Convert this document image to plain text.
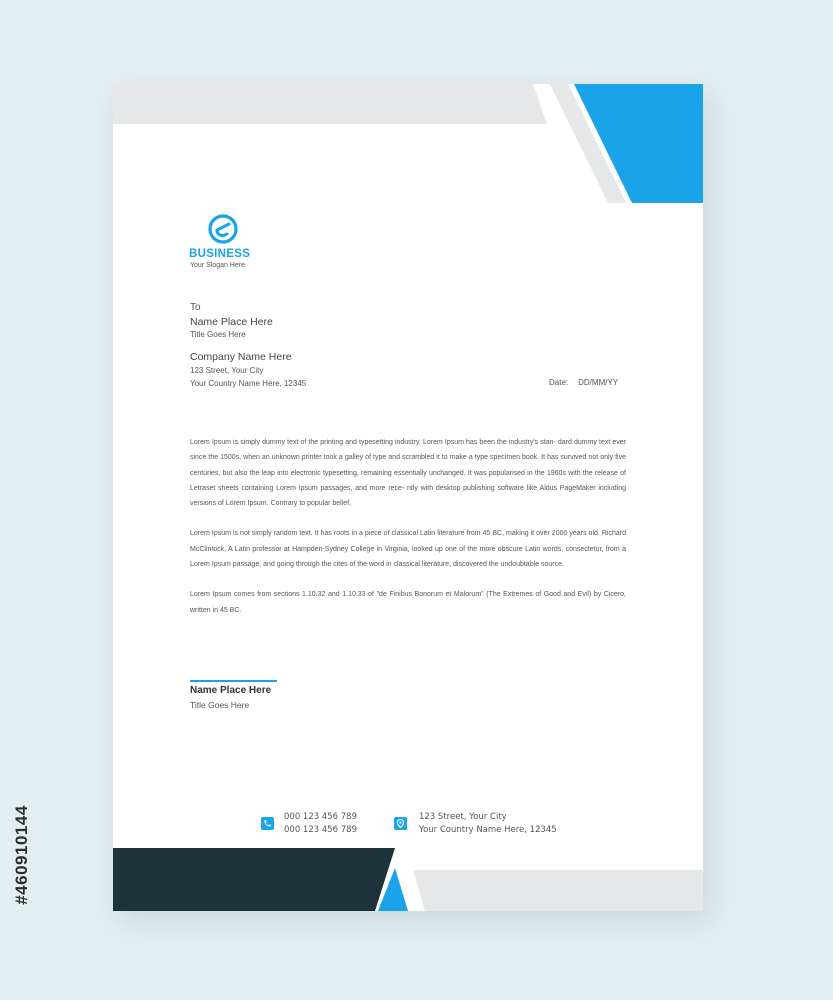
BUSINESS
Your Slogan Here
To
Name Place Here
Title Goes Here
Company Name Here
123 Street, Your City
Your Country Name Here, 12345	Date: DD/MM/YY

Lorem Ipsum is simply dummy text of the printing and typesetting industry. Lorem Ipsum has been the industry's stan- dard dummy text ever since the 1500s, when an unknown printer took a galley of type and scrambled it to make a type specimen book. It has survived not only five centuries, but also the leap into electronic typesetting, remaining essentially unchanged. It was popularised in the 1960s with the release of Letraset sheets containing Lorem Ipsum passages, and more rece- ntly with desktop publishing software like Aldus PageMaker including versions of Lorem Ipsum. Contrary to popular belief,

Lorem Ipsum is not simply random text. It has roots in a piece of classical Latin literature from 45 BC, making it over 2000 years old. Richard McClintock, A Latin professor at Hampden-Sydney College in Virginia, looked up one of the more obscure Latin words, consectetur, from a Lorem Ipsum passage, and going through the cites of the word in classical literature, discovered the undoubtable source.

Lorem Ipsum comes from sections 1.10.32 and 1.10.33 of "de Finibus Bonorum et Malorum" (The Extremes of Good and Evil) by Cicero, written in 45 BC.

Name Place Here
Title Goes Here
000 123 456 789
000 123 456 789
123 Street, Your City
Your Country Name Here, 12345
#460910144
